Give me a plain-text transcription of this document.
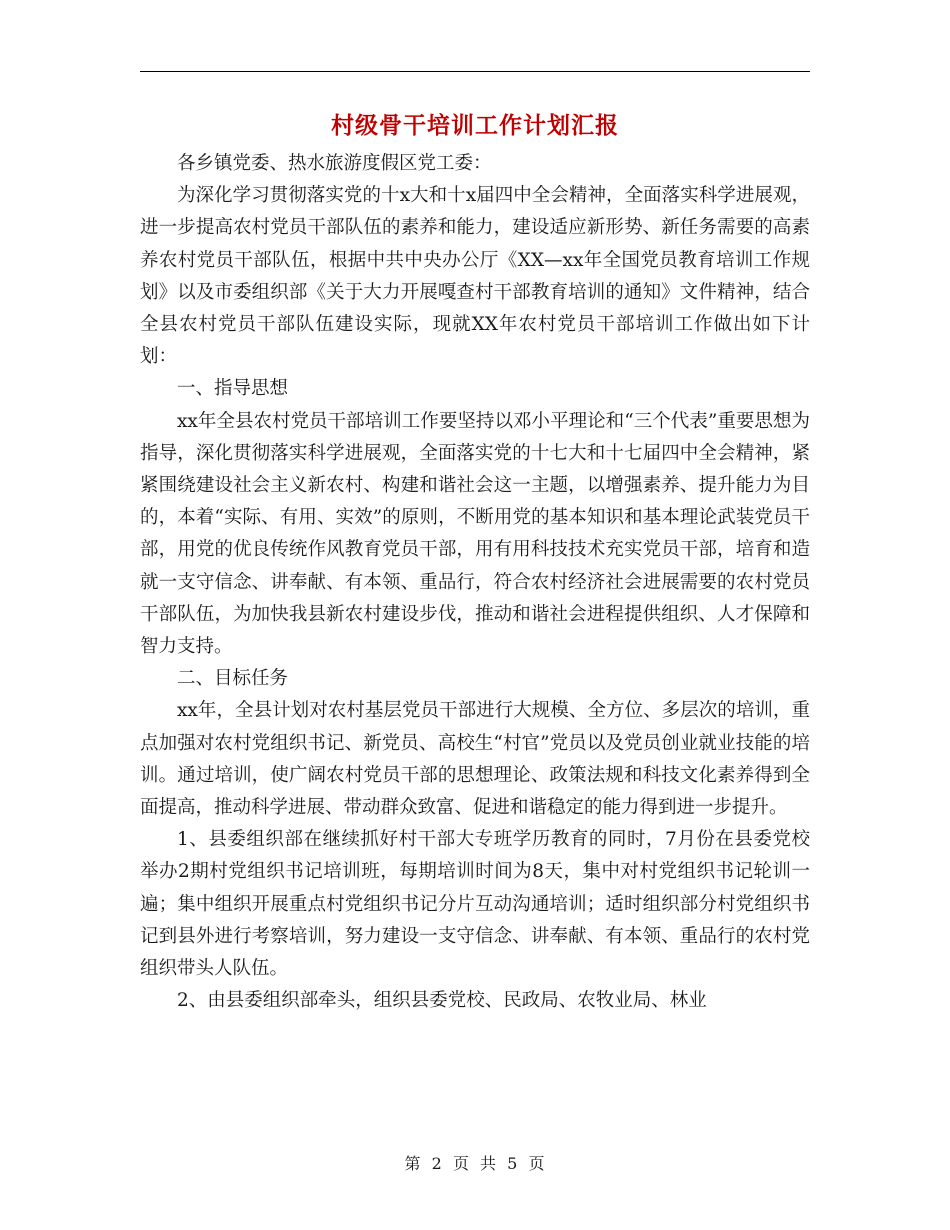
村级骨干培训工作计划汇报

各乡镇党委、热水旅游度假区党工委：

为深化学习贯彻落实党的十x大和十x届四中全会精神，全面落实科学进展观，进一步提高农村党员干部队伍的素养和能力，建设适应新形势、新任务需要的高素养农村党员干部队伍，根据中共中央办公厅《XX—xx年全国党员教育培训工作规划》以及市委组织部《关于大力开展嘎查村干部教育培训的通知》文件精神，结合全县农村党员干部队伍建设实际，现就XX年农村党员干部培训工作做出如下计划：

一、指导思想

xx年全县农村党员干部培训工作要坚持以邓小平理论和“三个代表”重要思想为指导，深化贯彻落实科学进展观，全面落实党的十七大和十七届四中全会精神，紧紧围绕建设社会主义新农村、构建和谐社会这一主题，以增强素养、提升能力为目的，本着“实际、有用、实效”的原则，不断用党的基本知识和基本理论武装党员干部，用党的优良传统作风教育党员干部，用有用科技技术充实党员干部，培育和造就一支守信念、讲奉献、有本领、重品行，符合农村经济社会进展需要的农村党员干部队伍，为加快我县新农村建设步伐，推动和谐社会进程提供组织、人才保障和智力支持。

二、目标任务

xx年，全县计划对农村基层党员干部进行大规模、全方位、多层次的培训，重点加强对农村党组织书记、新党员、高校生“村官”党员以及党员创业就业技能的培训。通过培训，使广阔农村党员干部的思想理论、政策法规和科技文化素养得到全面提高，推动科学进展、带动群众致富、促进和谐稳定的能力得到进一步提升。

1、县委组织部在继续抓好村干部大专班学历教育的同时，7月份在县委党校举办2期村党组织书记培训班，每期培训时间为8天，集中对村党组织书记轮训一遍；集中组织开展重点村党组织书记分片互动沟通培训；适时组织部分村党组织书记到县外进行考察培训，努力建设一支守信念、讲奉献、有本领、重品行的农村党组织带头人队伍。

2、由县委组织部牵头，组织县委党校、民政局、农牧业局、林业

第 2 页 共 5 页
